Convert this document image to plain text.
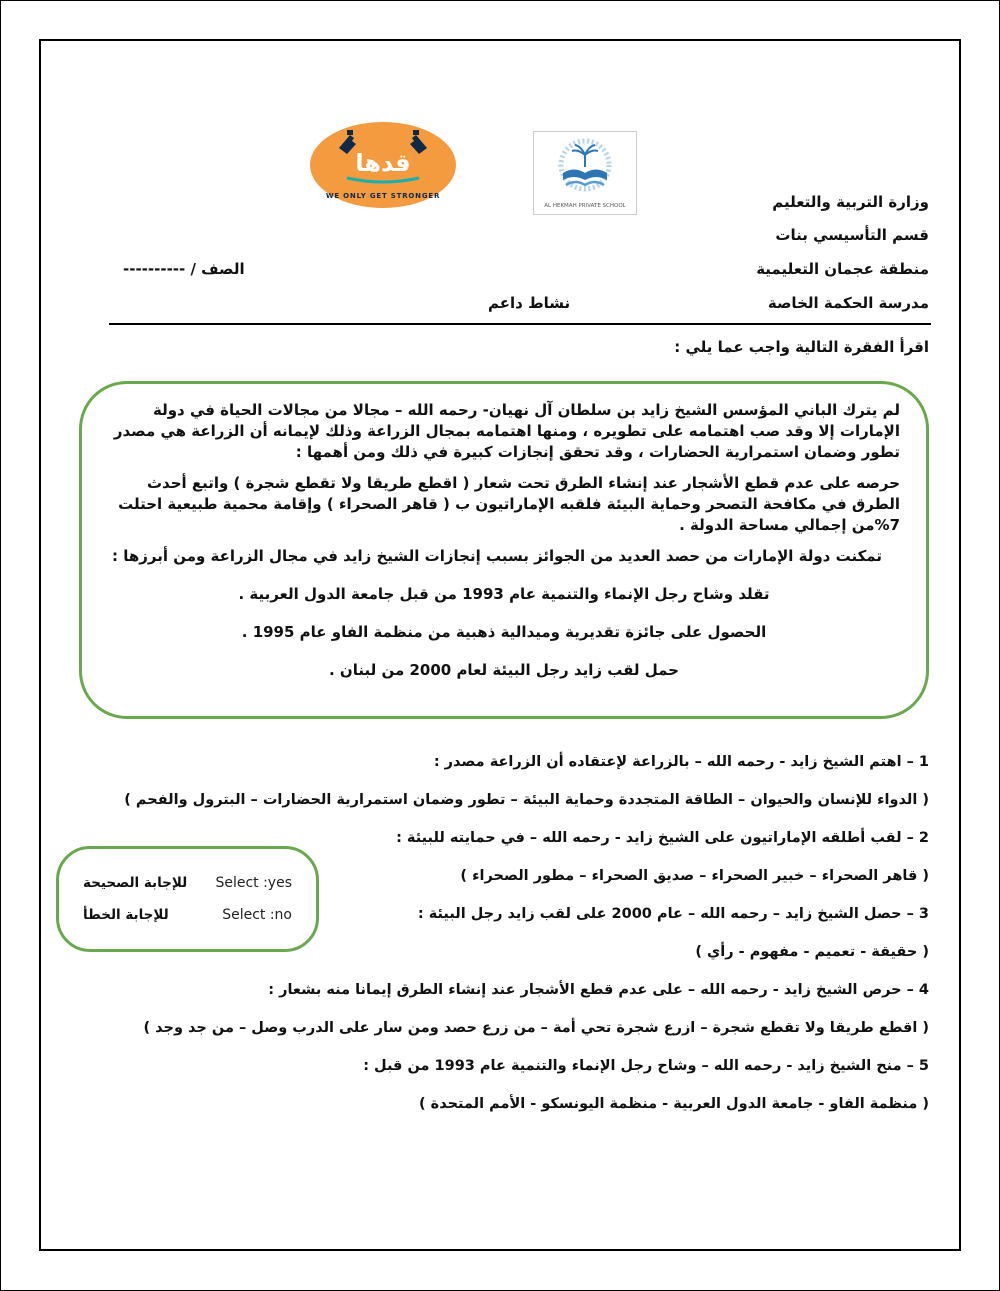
قدها
WE ONLY GET STRONGER
AL HEKMAH PRIVATE SCHOOL	وزارة التربية والتعليم
قسم التأسيسي بنات
منطقة عجمان التعليمية
مدرسة الحكمة الخاصة
الصف / ----------
نشاط داعم
اقرأ الفقرة التالية واجب عما يلي :

لم يترك الباني المؤسس الشيخ زايد بن سلطان آل نهيان- رحمه الله – مجالا من مجالات الحياة في دولة الإمارات إلا وقد صب اهتمامه على تطويره ، ومنها اهتمامه بمجال الزراعة وذلك لإيمانه أن الزراعة هي مصدر تطور وضمان استمرارية الحضارات ، وقد تحقق إنجازات كبيرة في ذلك ومن أهمها :

حرصه على عدم قطع الأشجار عند إنشاء الطرق تحت شعار ( اقطع طريقا ولا تقطع شجرة ) واتبع أحدث الطرق في مكافحة التصحر وحماية البيئة فلقبه الإماراتيون ب ( قاهر الصحراء ) وإقامة محمية طبيعية احتلت 7%من إجمالي مساحة الدولة .

تمكنت دولة الإمارات من حصد العديد من الجوائز بسبب إنجازات الشيخ زايد في مجال الزراعة ومن أبرزها :

تقلد وشاح رجل الإنماء والتنمية عام 1993 من قبل جامعة الدول العربية .

الحصول على جائزة تقديرية وميدالية ذهبية من منظمة الفاو عام 1995 .

حمل لقب زايد رجل البيئة لعام 2000 من لبنان .

1 – اهتم الشيخ زايد - رحمه الله – بالزراعة لإعتقاده أن الزراعة مصدر :
( الدواء للإنسان والحيوان – الطاقة المتجددة وحماية البيئة – تطور وضمان استمرارية الحضارات – البترول والفحم )
2 – لقب أطلقه الإماراتيون على الشيخ زايد - رحمه الله – في حمايته للبيئة :
( قاهر الصحراء – خبير الصحراء – صديق الصحراء – مطور الصحراء )
3 – حصل الشيخ زايد – رحمه الله – عام 2000 على لقب زايد رجل البيئة :
( حقيقة - تعميم - مفهوم - رأي )
4 – حرص الشيخ زايد - رحمه الله – على عدم قطع الأشجار عند إنشاء الطرق إيمانا منه بشعار :
( اقطع طريقا ولا تقطع شجرة – ازرع شجرة تحي أمة – من زرع حصد ومن سار على الدرب وصل – من جد وجد )
5 – منح الشيخ زايد - رحمه الله – وشاح رجل الإنماء والتنمية عام 1993 من قبل :
( منظمة الفاو - جامعة الدول العربية - منظمة اليونسكو - الأمم المتحدة )
للإجابة الصحيحة Select :yes
للإجابة الخطأ	Select :no
